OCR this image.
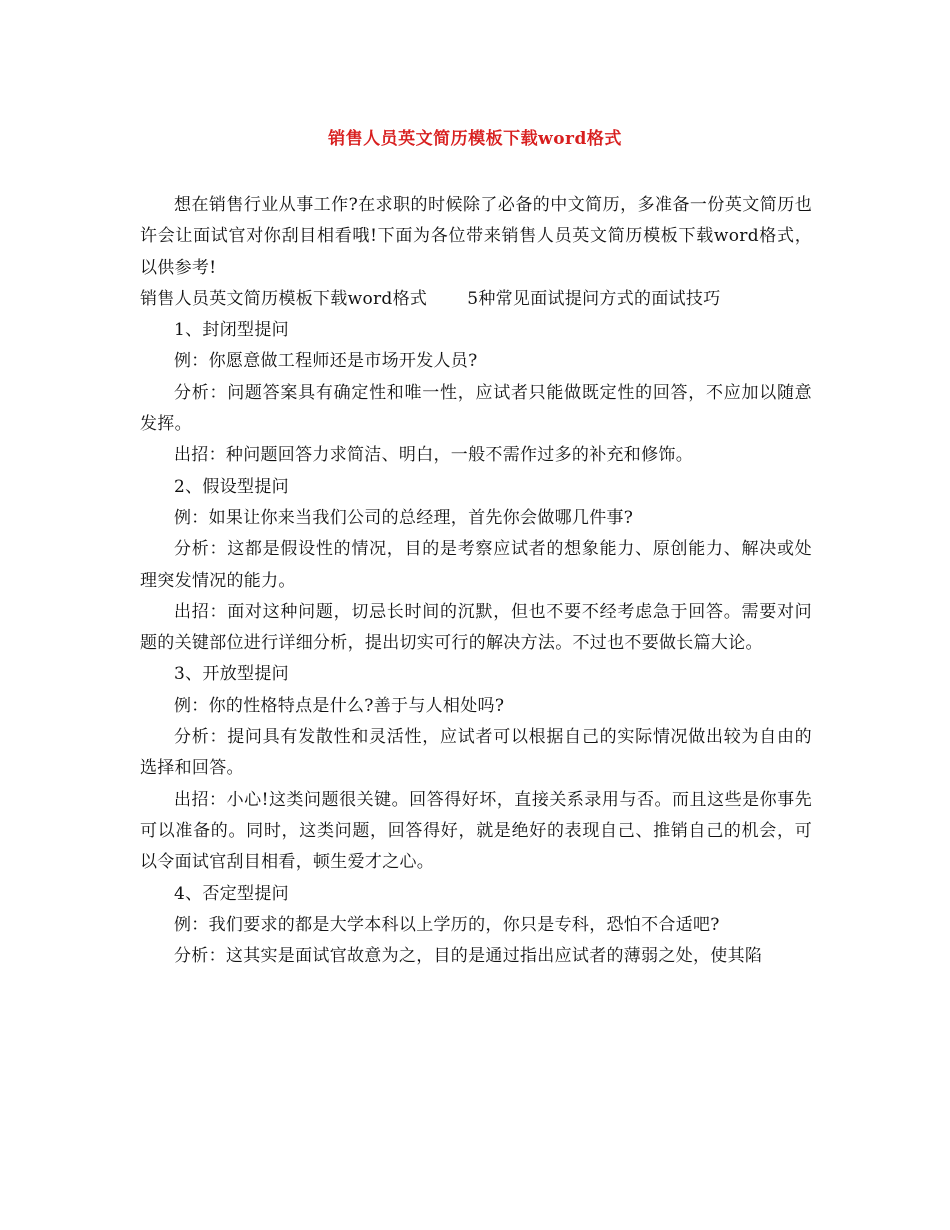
销售人员英文简历模板下载word格式

想在销售行业从事工作?在求职的时候除了必备的中文简历，多准备一份英文简历也许会让面试官对你刮目相看哦!下面为各位带来销售人员英文简历模板下载word格式，以供参考!

销售人员英文简历模板下载word格式 5种常见面试提问方式的面试技巧

1、封闭型提问

例：你愿意做工程师还是市场开发人员?

分析：问题答案具有确定性和唯一性，应试者只能做既定性的回答，不应加以随意发挥。

出招：种问题回答力求简洁、明白，一般不需作过多的补充和修饰。

2、假设型提问

例：如果让你来当我们公司的总经理，首先你会做哪几件事?

分析：这都是假设性的情况，目的是考察应试者的想象能力、原创能力、解决或处理突发情况的能力。

出招：面对这种问题，切忌长时间的沉默，但也不要不经考虑急于回答。需要对问题的关键部位进行详细分析，提出切实可行的解决方法。不过也不要做长篇大论。

3、开放型提问

例：你的性格特点是什么?善于与人相处吗?

分析：提问具有发散性和灵活性，应试者可以根据自己的实际情况做出较为自由的选择和回答。

出招：小心!这类问题很关键。回答得好坏，直接关系录用与否。而且这些是你事先可以准备的。同时，这类问题，回答得好，就是绝好的表现自己、推销自己的机会，可以令面试官刮目相看，顿生爱才之心。

4、否定型提问

例：我们要求的都是大学本科以上学历的，你只是专科，恐怕不合适吧?

分析：这其实是面试官故意为之，目的是通过指出应试者的薄弱之处，使其陷
